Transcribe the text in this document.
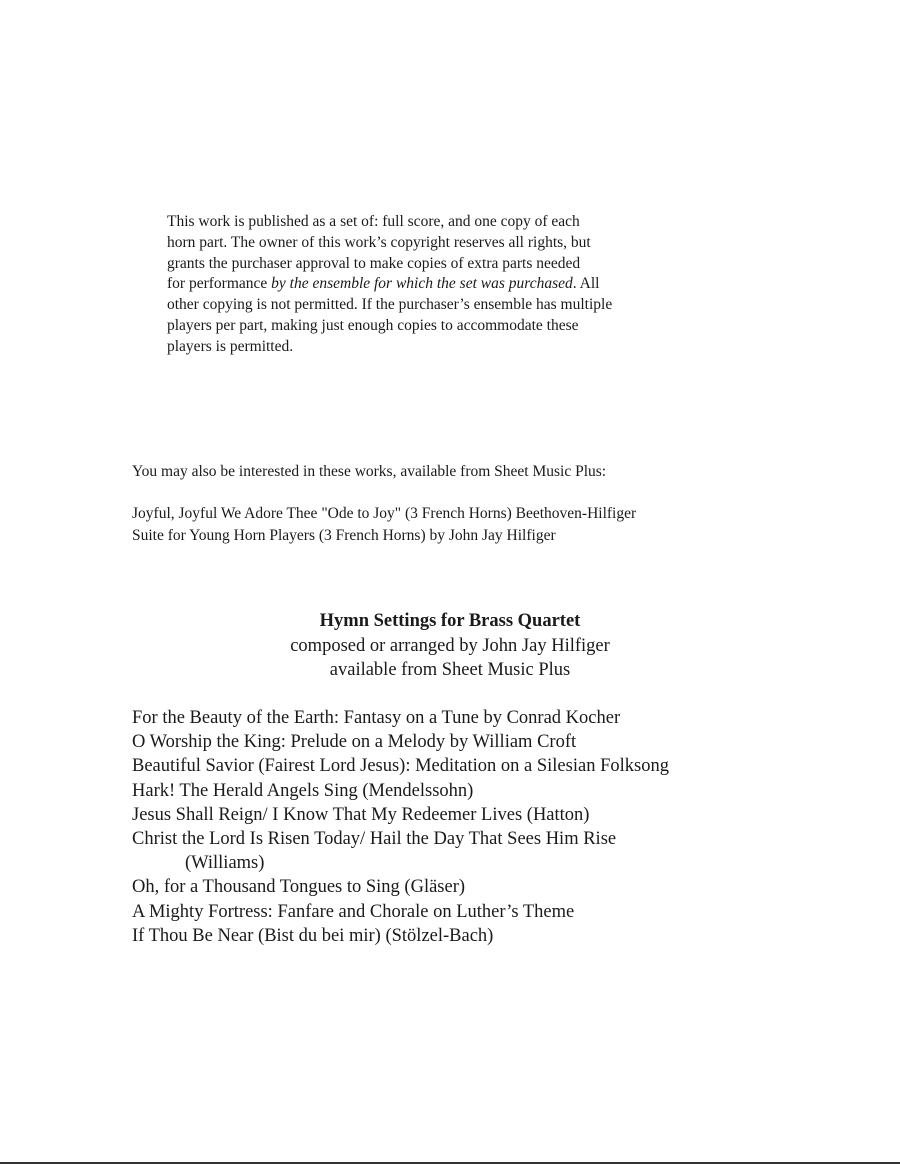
This work is published as a set of: full score, and one copy of each
horn part. The owner of this work’s copyright reserves all rights, but
grants the purchaser approval to make copies of extra parts needed
for performance by the ensemble for which the set was purchased. All
other copying is not permitted. If the purchaser’s ensemble has multiple
players per part, making just enough copies to accommodate these
players is permitted.
You may also be interested in these works, available from Sheet Music Plus:
Joyful, Joyful We Adore Thee "Ode to Joy" (3 French Horns) Beethoven-Hilfiger
Suite for Young Horn Players (3 French Horns) by John Jay Hilfiger
Hymn Settings for Brass Quartet
composed or arranged by John Jay Hilfiger
available from Sheet Music Plus
For the Beauty of the Earth: Fantasy on a Tune by Conrad Kocher
O Worship the King: Prelude on a Melody by William Croft
Beautiful Savior (Fairest Lord Jesus): Meditation on a Silesian Folksong
Hark! The Herald Angels Sing (Mendelssohn)
Jesus Shall Reign/ I Know That My Redeemer Lives (Hatton)
Christ the Lord Is Risen Today/ Hail the Day That Sees Him Rise
(Williams)
Oh, for a Thousand Tongues to Sing (Gläser)
A Mighty Fortress: Fanfare and Chorale on Luther’s Theme
If Thou Be Near (Bist du bei mir) (Stölzel-Bach)
